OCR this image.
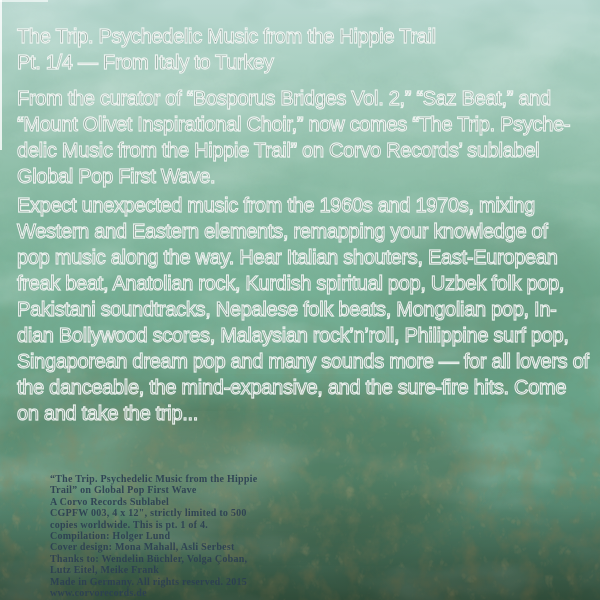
The Trip. Psychedelic Music from the Hippie Trail
Pt. 1/4 — From Italy to Turkey
From the curator of “Bosporus Bridges Vol. 2,” “Saz Beat,” and
“Mount Olivet Inspirational Choir,” now comes “The Trip. Psyche-
delic Music from the Hippie Trail” on Corvo Records’ sublabel
Global Pop First Wave.
Expect unexpected music from the 1960s and 1970s, mixing
Western and Eastern elements, remapping your knowledge of
pop music along the way. Hear Italian shouters, East-European
freak beat, Anatolian rock, Kurdish spiritual pop, Uzbek folk pop,
Pakistani soundtracks, Nepalese folk beats, Mongolian pop, In-
dian Bollywood scores, Malaysian rock’n’roll, Philippine surf pop,
Singaporean dream pop and many sounds more — for all lovers of
the danceable, the mind-expansive, and the sure-fire hits. Come
on and take the trip...
“The Trip. Psychedelic Music from the Hippie
Trail” on Global Pop First Wave
A Corvo Records Sublabel
CGPFW 003, 4 x 12", strictly limited to 500
copies worldwide. This is pt. 1 of 4.
Compilation: Holger Lund
Cover design: Mona Mahall, Asli Serbest
Thanks to: Wendelin Büchler, Volga Çoban,
Lutz Eitel, Meike Frank
Made in Germany. All rights reserved. 2015
www.corvorecords.de
